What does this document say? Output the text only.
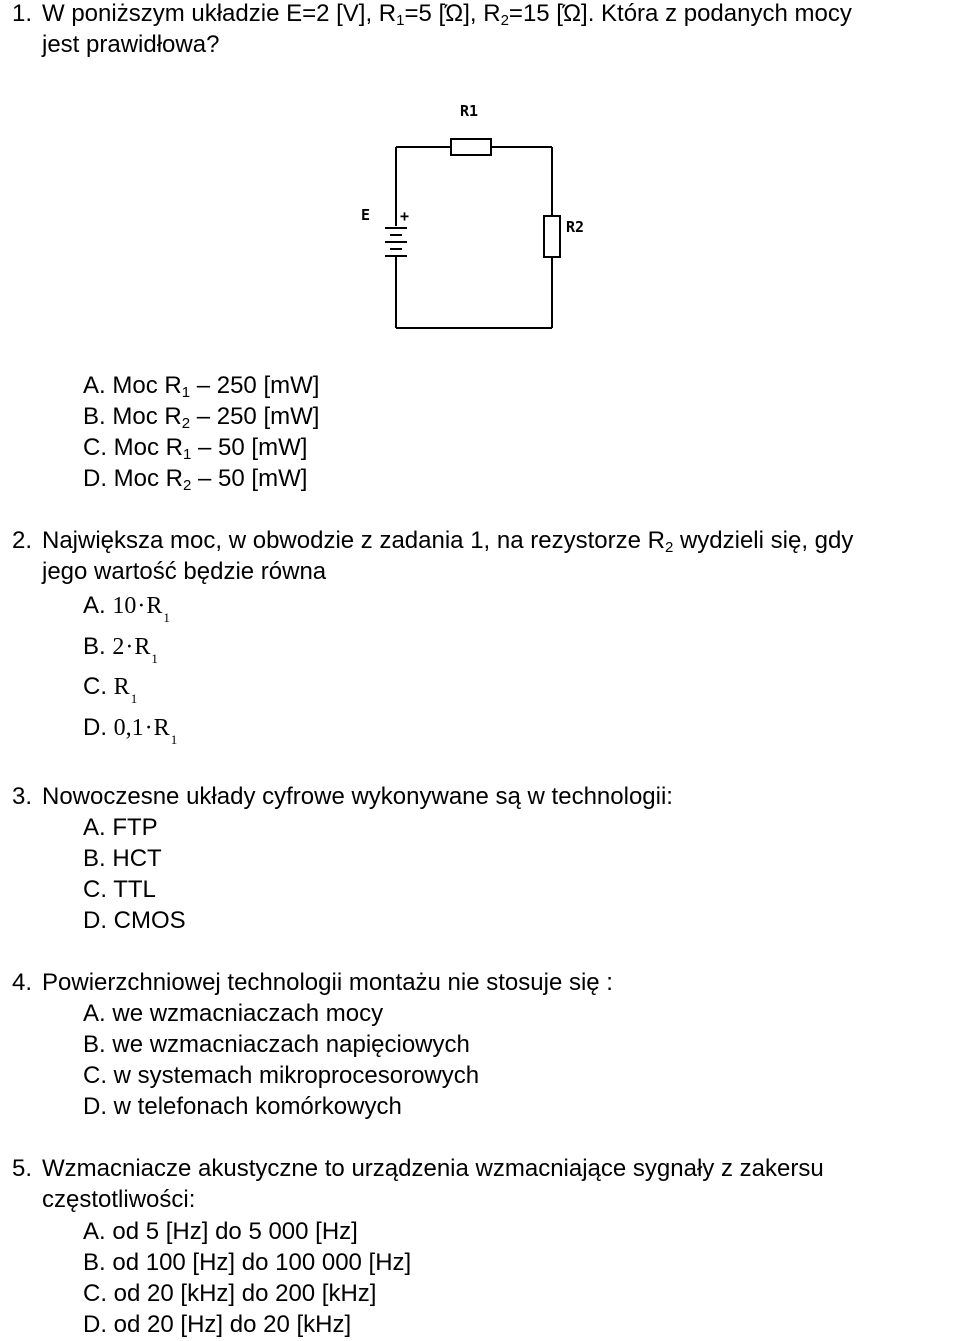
1. W poniższym układzie E=2 [V], $R_1=5$ [Ώ], $R_2=15$ [Ώ]. Która z podanych mocy
jest prawidłowa?
R1
R2
E +
A. Moc $R_1 - 250$ [mW]
B. Moc $R_2 - 250$ [mW]
C. Moc $R_1 - 50$ [mW]
D. Moc $R_2 - 50$ [mW]
2. Największa moc, w obwodzie z zadania 1, na rezystorze $R_2$ wydzieli się, gdy
jego wartość będzie równa
A. $10\cdot R_1$
B. $2\cdot R_1$
C. $R_1$
D. $0,1\cdot R_1$
3. Nowoczesne układy cyfrowe wykonywane są w technologii:
A. FTP
B. HCT
C. TTL
D. CMOS
4. Powierzchniowej technologii montażu nie stosuje się :
A. we wzmacniaczach mocy
B. we wzmacniaczach napięciowych
C. w systemach mikroprocesorowych
D. w telefonach komórkowych
5. Wzmacniacze akustyczne to urządzenia wzmacniające sygnały z zakersu
częstotliwości:
A. od 5 [Hz] do 5 000 [Hz]
B. od 100 [Hz] do 100 000 [Hz]
C. od 20 [kHz] do 200 [kHz]
D. od 20 [Hz] do 20 [kHz]
